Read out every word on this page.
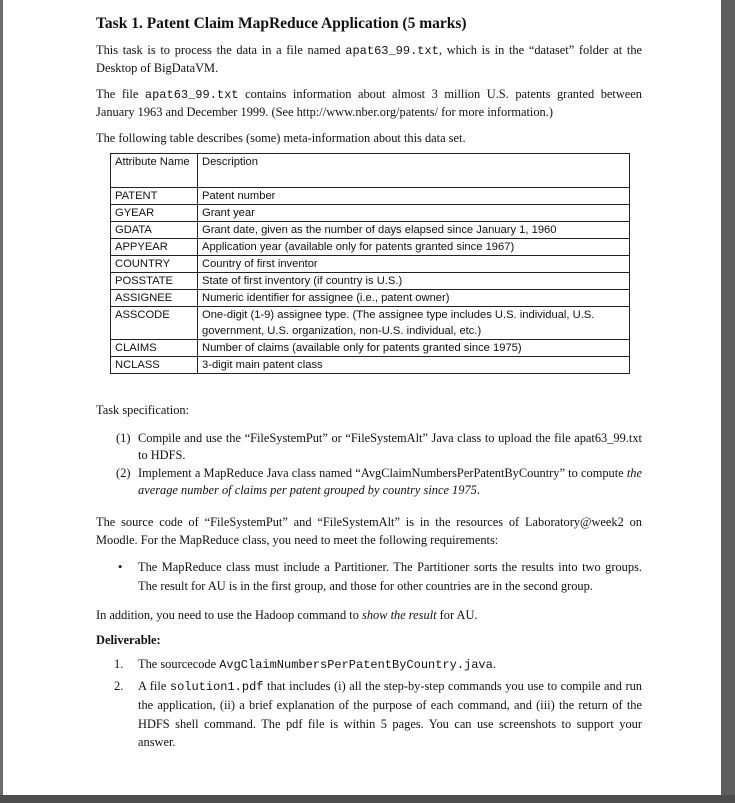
Task 1. Patent Claim MapReduce Application (5 marks)

This task is to process the data in a file named apat63_99.txt, which is in the “dataset” folder at the Desktop of BigDataVM.

The file apat63_99.txt contains information about almost 3 million U.S. patents granted between January 1963 and December 1999. (See http://www.nber.org/patents/ for more information.)

The following table describes (some) meta-information about this data set.

Attribute Name	Description
PATENT	Patent number
GYEAR	Grant year
GDATA	Grant date, given as the number of days elapsed since January 1, 1960
APPYEAR	Application year (available only for patents granted since 1967)
COUNTRY	Country of first inventor
POSSTATE	State of first inventory (if country is U.S.)
ASSIGNEE	Numeric identifier for assignee (i.e., patent owner)
ASSCODE	One-digit (1-9) assignee type. (The assignee type includes U.S. individual, U.S. government, U.S. organization, non-U.S. individual, etc.)
CLAIMS	Number of claims (available only for patents granted since 1975)
NCLASS	3-digit main patent class

Task specification:

(1) Compile and use the “FileSystemPut” or “FileSystemAlt” Java class to upload the file apat63_99.txt to HDFS.
(2) Implement a MapReduce Java class named “AvgClaimNumbersPerPatentByCountry” to compute the average number of claims per patent grouped by country since 1975.

The source code of “FileSystemPut” and “FileSystemAlt” is in the resources of Laboratory@week2 on Moodle. For the MapReduce class, you need to meet the following requirements:

• The MapReduce class must include a Partitioner. The Partitioner sorts the results into two groups. The result for AU is in the first group, and those for other countries are in the second group.

In addition, you need to use the Hadoop command to show the result for AU.

Deliverable:

1. The sourcecode AvgClaimNumbersPerPatentByCountry.java.
2. A file solution1.pdf that includes (i) all the step-by-step commands you use to compile and run the application, (ii) a brief explanation of the purpose of each command, and (iii) the return of the HDFS shell command. The pdf file is within 5 pages. You can use screenshots to support your answer.
